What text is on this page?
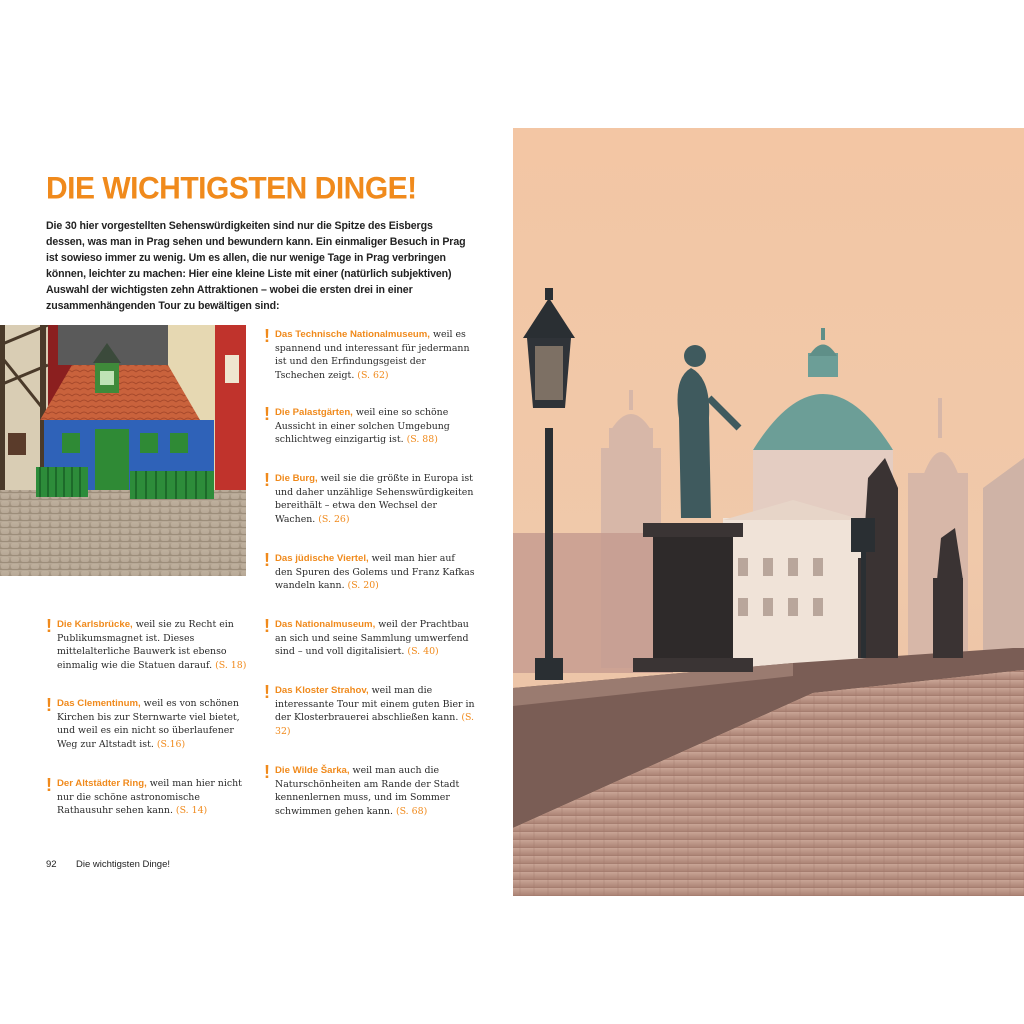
DIE WICHTIGSTEN DINGE!

Die 30 hier vorgestellten Sehenswürdigkeiten sind nur die Spitze des Eisbergs dessen, was man in Prag sehen und bewundern kann. Ein einmaliger Besuch in Prag ist sowieso immer zu wenig. Um es allen, die nur wenige Tage in Prag verbringen können, leichter zu machen: Hier eine kleine Liste mit einer (natürlich subjektiven) Auswahl der wichtigsten zehn Attraktionen – wobei die ersten drei in einer zusammenhängenden Tour zu bewältigen sind:

! Das Technische Nationalmuseum, weil es spannend und interessant für jedermann ist und den Erfindungsgeist der Tschechen zeigt. (S. 62)
! Die Palastgärten, weil eine so schöne Aussicht in einer solchen Umgebung schlichtweg einzigartig ist. (S. 88)
! Die Burg, weil sie die größte in Europa ist und daher unzählige Sehenswürdigkeiten bereithält – etwa den Wechsel der Wachen. (S. 26)
! Das jüdische Viertel, weil man hier auf den Spuren des Golems und Franz Kafkas wandeln kann. (S. 20)
! Das Nationalmuseum, weil der Prachtbau an sich und seine Sammlung umwerfend sind – und voll digitalisiert. (S. 40)
! Das Kloster Strahov, weil man die interessante Tour mit einem guten Bier in der Klosterbrauerei abschließen kann. (S. 32)
! Die Wilde Šarka, weil man auch die Naturschönheiten am Rande der Stadt kennenlernen muss, und im Sommer schwimmen gehen kann. (S. 68)
! Die Karlsbrücke, weil sie zu Recht ein Publikumsmagnet ist. Dieses mittelalterliche Bauwerk ist ebenso einmalig wie die Statuen darauf. (S. 18)
! Das Clementinum, weil es von schönen Kirchen bis zur Sternwarte viel bietet, und weil es ein nicht so überlaufener Weg zur Altstadt ist. (S.16)
! Der Altstädter Ring, weil man hier nicht nur die schöne astronomische Rathausuhr sehen kann. (S. 14)
92 Die wichtigsten Dinge!
